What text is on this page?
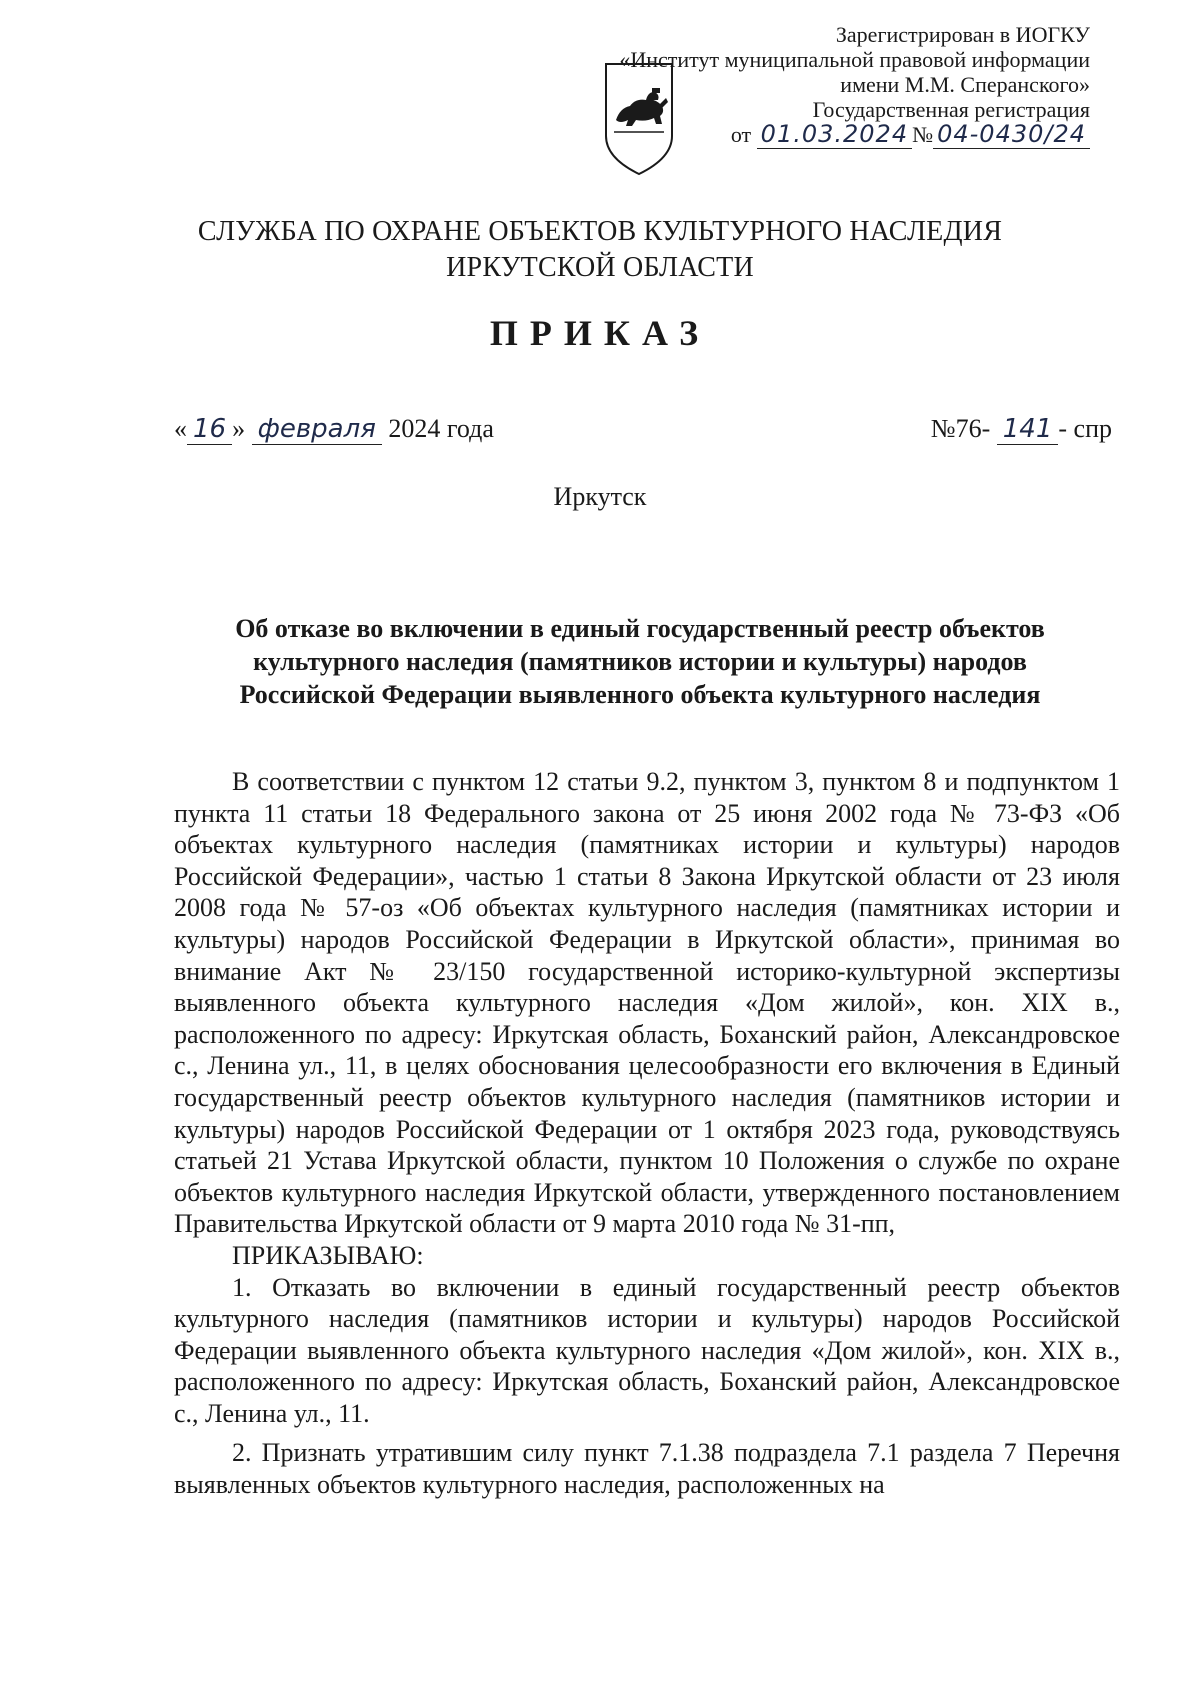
Зарегистрирован в ИОГКУ
«Институт муниципальной правовой информации
имени М.М. Сперанского»
Государственная регистрация
от 01.03.2024 № 04-0430/24
СЛУЖБА ПО ОХРАНЕ ОБЪЕКТОВ КУЛЬТУРНОГО НАСЛЕДИЯ
ИРКУТСКОЙ ОБЛАСТИ
ПРИКАЗ
« 16 » февраля 2024 года	№76- 141 - спр
Иркутск
Об отказе во включении в единый государственный реестр объектов
культурного наследия (памятников истории и культуры) народов
Российской Федерации выявленного объекта культурного наследия

В соответствии с пунктом 12 статьи 9.2, пунктом 3, пунктом 8 и подпунктом 1 пункта 11 статьи 18 Федерального закона от 25 июня 2002 года № 73-ФЗ «Об объектах культурного наследия (памятниках истории и культуры) народов Российской Федерации», частью 1 статьи 8 Закона Иркутской области от 23 июля 2008 года № 57-оз «Об объектах культурного наследия (памятниках истории и культуры) народов Российской Федерации в Иркутской области», принимая во внимание Акт № 23/150 государственной историко-культурной экспертизы выявленного объекта культурного наследия «Дом жилой», кон. XIX в., расположенного по адресу: Иркутская область, Боханский район, Александровское с., Ленина ул., 11, в целях обоснования целесообразности его включения в Единый государственный реестр объектов культурного наследия (памятников истории и культуры) народов Российской Федерации от 1 октября 2023 года, руководствуясь статьей 21 Устава Иркутской области, пунктом 10 Положения о службе по охране объектов культурного наследия Иркутской области, утвержденного постановлением Правительства Иркутской области от 9 марта 2010 года № 31-пп,

ПРИКАЗЫВАЮ:

1. Отказать во включении в единый государственный реестр объектов культурного наследия (памятников истории и культуры) народов Российской Федерации выявленного объекта культурного наследия «Дом жилой», кон. XIX в., расположенного по адресу: Иркутская область, Боханский район, Александровское с., Ленина ул., 11.

2. Признать утратившим силу пункт 7.1.38 подраздела 7.1 раздела 7 Перечня выявленных объектов культурного наследия, расположенных на
